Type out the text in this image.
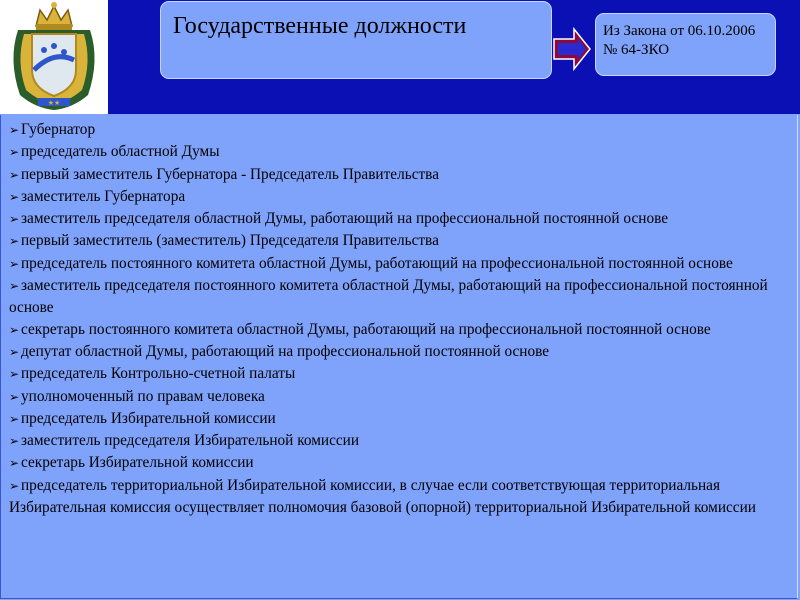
★★
Государственные должности	Из Закона от 06.10.2006 № 64-ЗКО
➢ Губернатор
➢ председатель областной Думы
➢ первый заместитель Губернатора - Председатель Правительства
➢ заместитель Губернатора
➢ заместитель председателя областной Думы, работающий на профессиональной постоянной основе
➢ первый заместитель (заместитель) Председателя Правительства
➢ председатель постоянного комитета областной Думы, работающий на профессиональной постоянной основе
➢ заместитель председателя постоянного комитета областной Думы, работающий на профессиональной постоянной основе
➢ секретарь постоянного комитета областной Думы, работающий на профессиональной постоянной основе
➢ депутат областной Думы, работающий на профессиональной постоянной основе
➢ председатель Контрольно-счетной палаты
➢ уполномоченный по правам человека
➢ председатель Избирательной комиссии
➢ заместитель председателя Избирательной комиссии
➢ секретарь Избирательной комиссии
➢ председатель территориальной Избирательной комиссии, в случае если соответствующая территориальная Избирательная комиссия осуществляет полномочия базовой (опорной) территориальной Избирательной комиссии
